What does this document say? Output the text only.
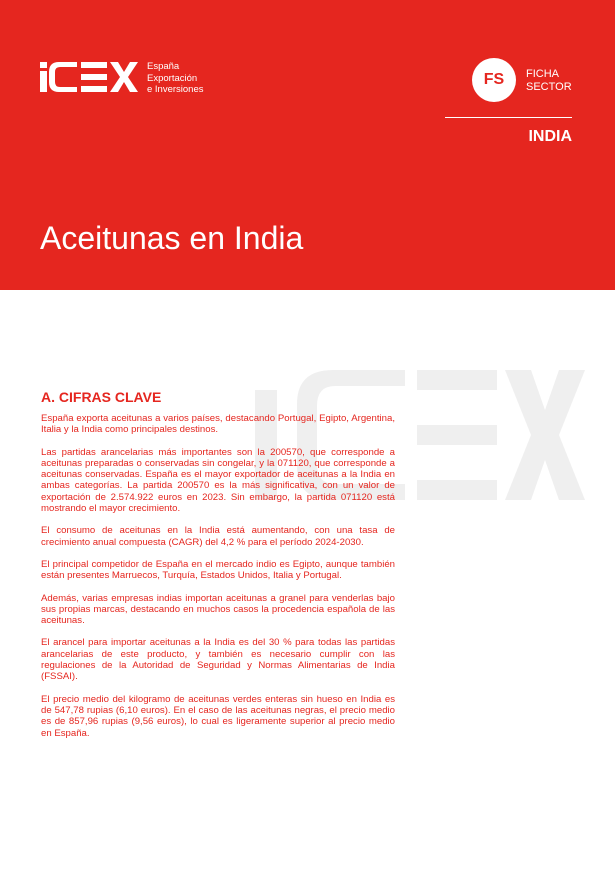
España
Exportación
e Inversiones
FS	FICHA
SECTOR
INDIA
Aceitunas en India
A. CIFRAS CLAVE

España exporta aceitunas a varios países, destacando Portugal, Egipto, Argentina, Italia y la India como principales destinos.

Las partidas arancelarias más importantes son la 200570, que corresponde a aceitunas preparadas o conservadas sin congelar, y la 071120, que corresponde a aceitunas conservadas. España es el mayor exportador de aceitunas a la India en ambas categorías. La partida 200570 es la más significativa, con un valor de exportación de 2.574.922 euros en 2023. Sin embargo, la partida 071120 está mostrando el mayor crecimiento.

El consumo de aceitunas en la India está aumentando, con una tasa de crecimiento anual compuesta (CAGR) del 4,2 % para el período 2024-2030.

El principal competidor de España en el mercado indio es Egipto, aunque también están presentes Marruecos, Turquía, Estados Unidos, Italia y Portugal.

Además, varias empresas indias importan aceitunas a granel para venderlas bajo sus propias marcas, destacando en muchos casos la procedencia española de las aceitunas.

El arancel para importar aceitunas a la India es del 30 % para todas las partidas arancelarias de este producto, y también es necesario cumplir con las regulaciones de la Autoridad de Seguridad y Normas Alimentarias de India (FSSAI).

El precio medio del kilogramo de aceitunas verdes enteras sin hueso en India es de 547,78 rupias (6,10 euros). En el caso de las aceitunas negras, el precio medio es de 857,96 rupias (9,56 euros), lo cual es ligeramente superior al precio medio en España.
